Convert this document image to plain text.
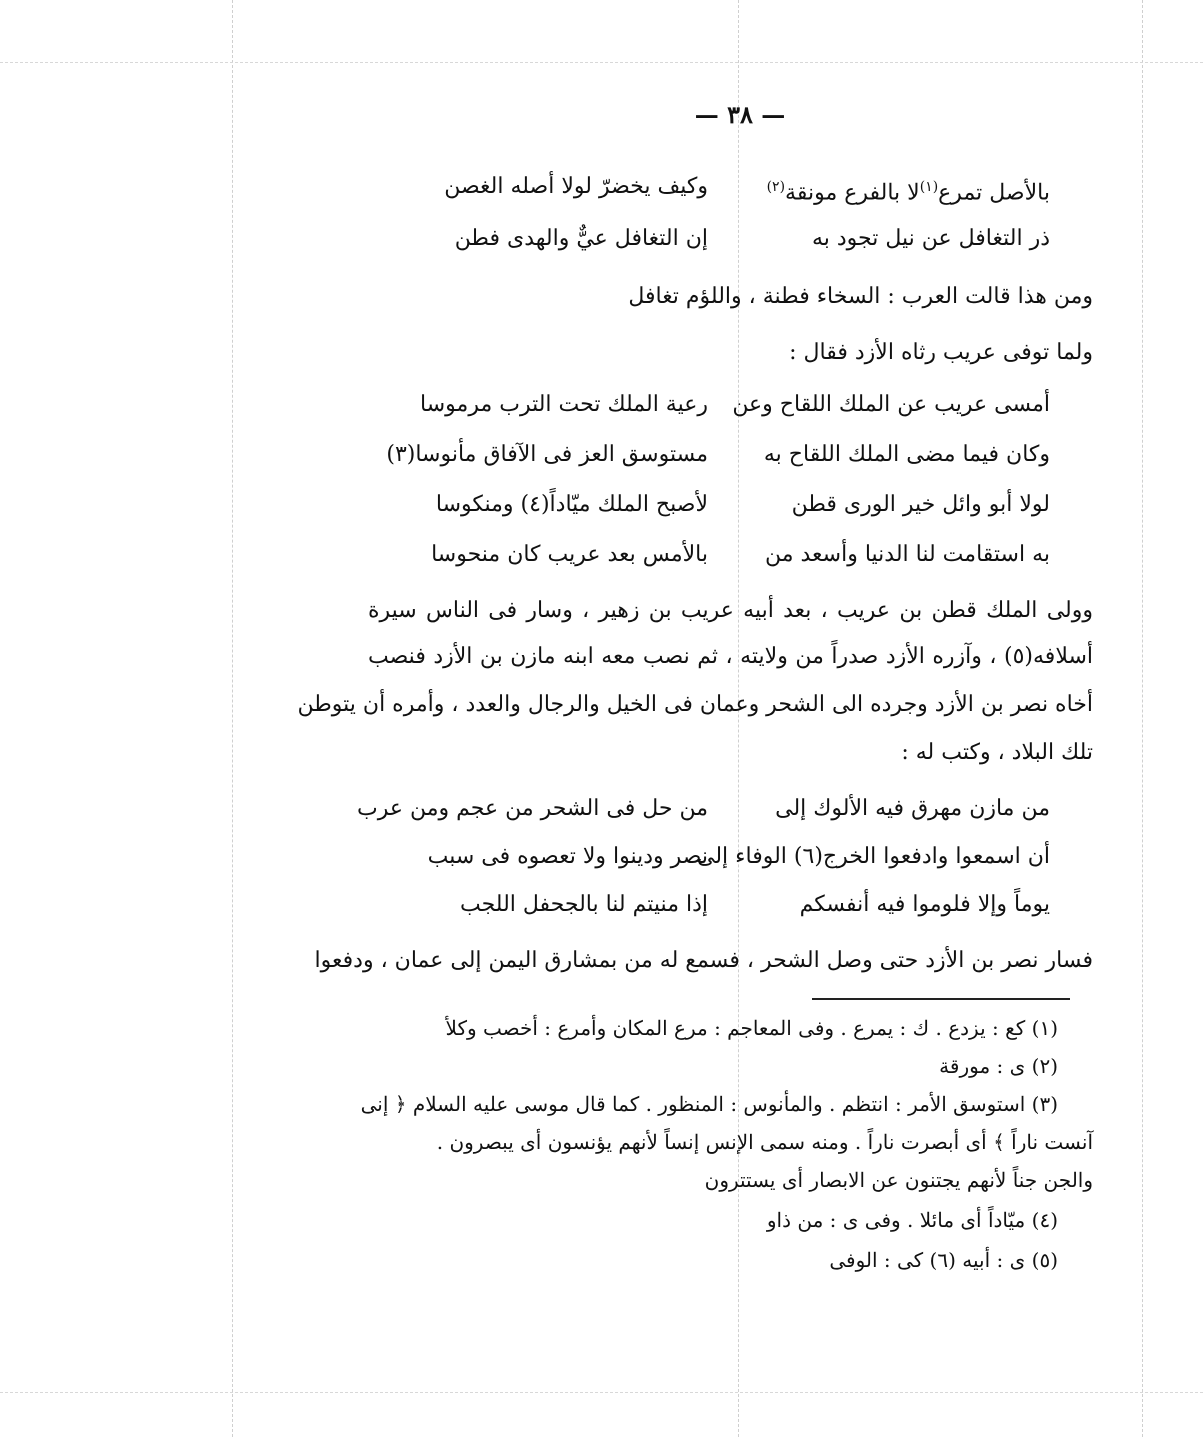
— ٣٨ —
بالأصل تمرع$^{(١)}$لا بالفرع مونقة$^{(٢)}$
وكيف يخضرّ لولا أصله الغصن
ذر التغافل عن نيل تجود به
إن التغافل عيٌّ والهدى فطن
ومن هذا قالت العرب : السخاء فطنة ، واللؤم تغافل
ولما توفى عريب رثاه الأزد فقال :
أمسى عريب عن الملك اللقاح وعن
رعية الملك تحت الترب مرموسا
وكان فيما مضى الملك اللقاح به
مستوسق العز فى الآفاق مأنوسا(٣)
لولا أبو وائل خير الورى قطن
لأصبح الملك ميّاداً(٤) ومنكوسا
به استقامت لنا الدنيا وأسعد من
بالأمس بعد عريب كان منحوسا
وولى الملك قطن بن عريب ، بعد أبيه عريب بن زهير ، وسار فى الناس سيرة
أسلافه(٥) ، وآزره الأزد صدراً من ولايته ، ثم نصب معه ابنه مازن بن الأزد فنصب
أخاه نصر بن الأزد وجرده الى الشحر وعمان فى الخيل والرجال والعدد ، وأمره أن يتوطن
تلك البلاد ، وكتب له :
من مازن مهرق فيه الألوك إلى
من حل فى الشحر من عجم ومن عرب
أن اسمعوا وادفعوا الخرج(٦) الوفاء إلى
نصر ودينوا ولا تعصوه فى سبب
يوماً وإلا فلوموا فيه أنفسكم
إذا منيتم لنا بالجحفل اللجب
فسار نصر بن الأزد حتى وصل الشحر ، فسمع له من بمشارق اليمن إلى عمان ، ودفعوا
(١) كع : يزدع . ك : يمرع . وفى المعاجم : مرع المكان وأمرع : أخصب وكلأ
(٢) ى : مورقة
(٣) استوسق الأمر : انتظم . والمأنوس : المنظور . كما قال موسى عليه السلام ﴿ إنى
آنست ناراً ﴾ أى أبصرت ناراً . ومنه سمى الإنس إنساً لأنهم يؤنسون أى يبصرون .
والجن جناً لأنهم يجتنون عن الابصار أى يستترون
(٤) ميّاداً أى مائلا . وفى ى : من ذاو
(٥) ى : أبيه (٦) كى : الوفى
